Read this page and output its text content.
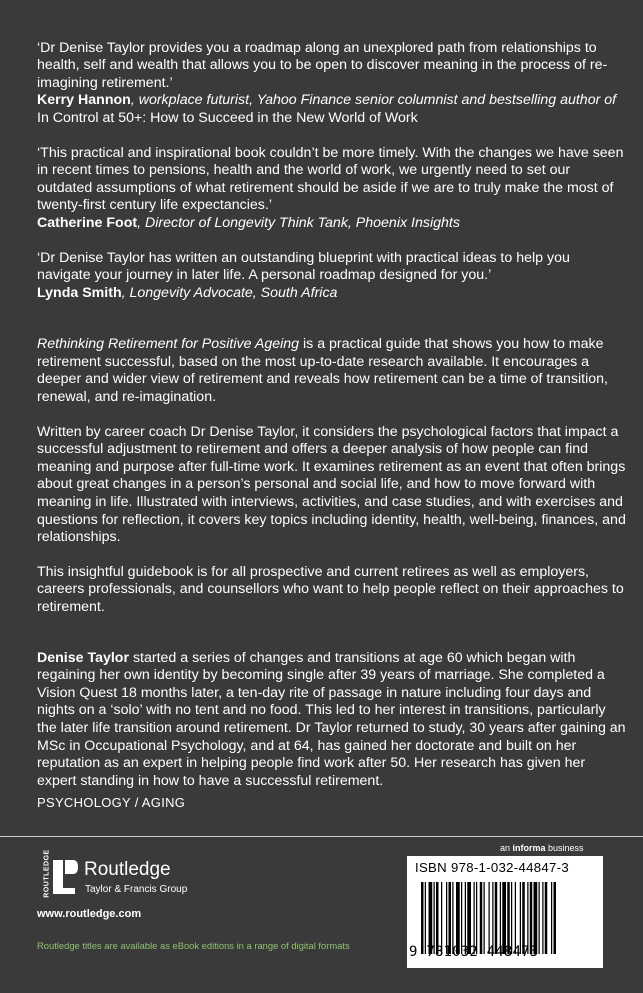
‘Dr Denise Taylor provides you a roadmap along an unexplored path from relationships to health, self and wealth that allows you to be open to discover meaning in the process of re-imagining retirement.’

Kerry Hannon, workplace futurist, Yahoo Finance senior columnist and bestselling author of In Control at 50+: How to Succeed in the New World of Work

‘This practical and inspirational book couldn’t be more timely. With the changes we have seen in recent times to pensions, health and the world of work, we urgently need to set our outdated assumptions of what retirement should be aside if we are to truly make the most of twenty-first century life expectancies.’

Catherine Foot, Director of Longevity Think Tank, Phoenix Insights

‘Dr Denise Taylor has written an outstanding blueprint with practical ideas to help you navigate your journey in later life. A personal roadmap designed for you.’

Lynda Smith, Longevity Advocate, South Africa

Rethinking Retirement for Positive Ageing is a practical guide that shows you how to make retirement successful, based on the most up-to-date research available. It encourages a deeper and wider view of retirement and reveals how retirement can be a time of transition, renewal, and re-imagination.

Written by career coach Dr Denise Taylor, it considers the psychological factors that impact a successful adjustment to retirement and offers a deeper analysis of how people can find meaning and purpose after full-time work. It examines retirement as an event that often brings about great changes in a person’s personal and social life, and how to move forward with meaning in life. Illustrated with interviews, activities, and case studies, and with exercises and questions for reflection, it covers key topics including identity, health, well-being, finances, and relationships.

This insightful guidebook is for all prospective and current retirees as well as employers, careers professionals, and counsellors who want to help people reflect on their approaches to retirement.

Denise Taylor started a series of changes and transitions at age 60 which began with regaining her own identity by becoming single after 39 years of marriage. She completed a Vision Quest 18 months later, a ten-day rite of passage in nature including four days and nights on a ‘solo’ with no tent and no food. This led to her interest in transitions, particularly the later life transition around retirement. Dr Taylor returned to study, 30 years after gaining an MSc in Occupational Psychology, and at 64, has gained her doctorate and built on her reputation as an expert in helping people find work after 50. Her research has given her expert standing in how to have a successful retirement.

PSYCHOLOGY / AGING
an informa business
ROUTLEDGE Routledge
Taylor & Francis Group
www.routledge.com
Routledge titles are available as eBook editions in a range of digital formats
ISBN 978-1-032-44847-3
9 781032 448473
